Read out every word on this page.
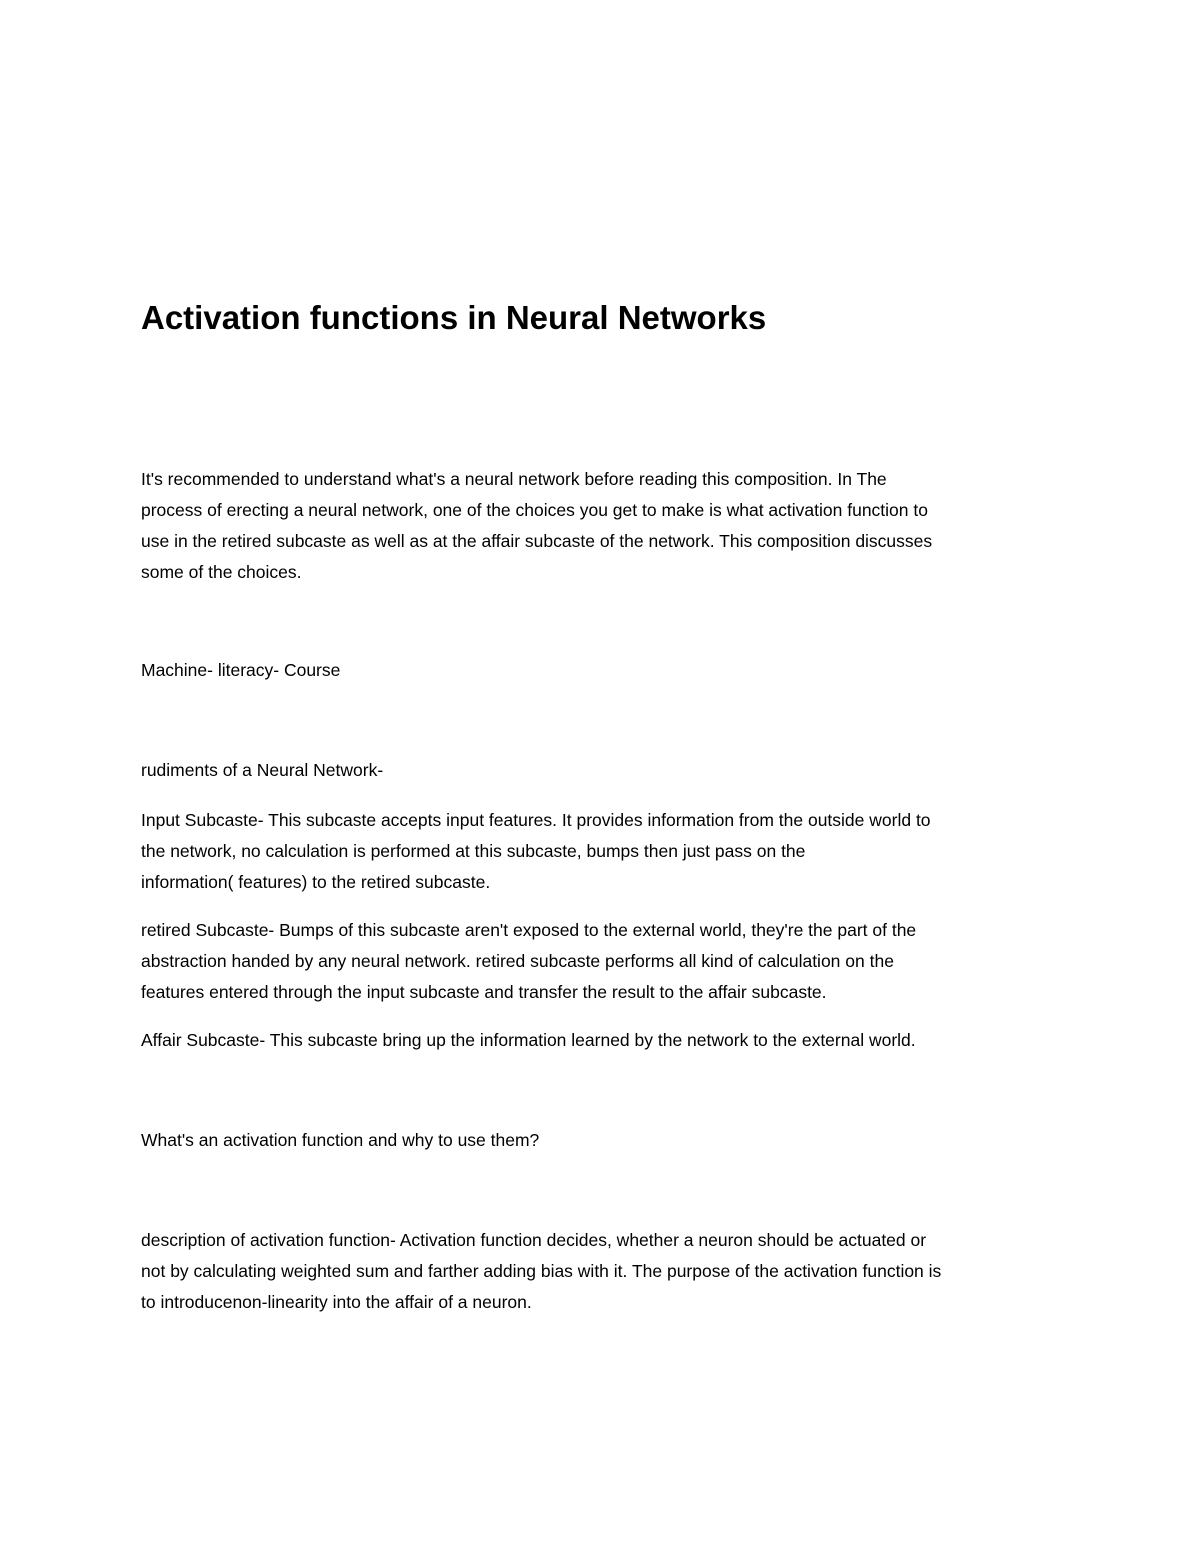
Activation functions in Neural Networks

It's recommended to understand what's a neural network before reading this composition. In The
process of erecting a neural network, one of the choices you get to make is what activation function to
use in the retired subcaste as well as at the affair subcaste of the network. This composition discusses
some of the choices.

Machine- literacy- Course

rudiments of a Neural Network-

Input Subcaste- This subcaste accepts input features. It provides information from the outside world to
the network, no calculation is performed at this subcaste, bumps then just pass on the
information( features) to the retired subcaste.

retired Subcaste- Bumps of this subcaste aren't exposed to the external world, they're the part of the
abstraction handed by any neural network. retired subcaste performs all kind of calculation on the
features entered through the input subcaste and transfer the result to the affair subcaste.

Affair Subcaste- This subcaste bring up the information learned by the network to the external world.

What's an activation function and why to use them?

description of activation function- Activation function decides, whether a neuron should be actuated or
not by calculating weighted sum and farther adding bias with it. The purpose of the activation function is
to introducenon-linearity into the affair of a neuron.
